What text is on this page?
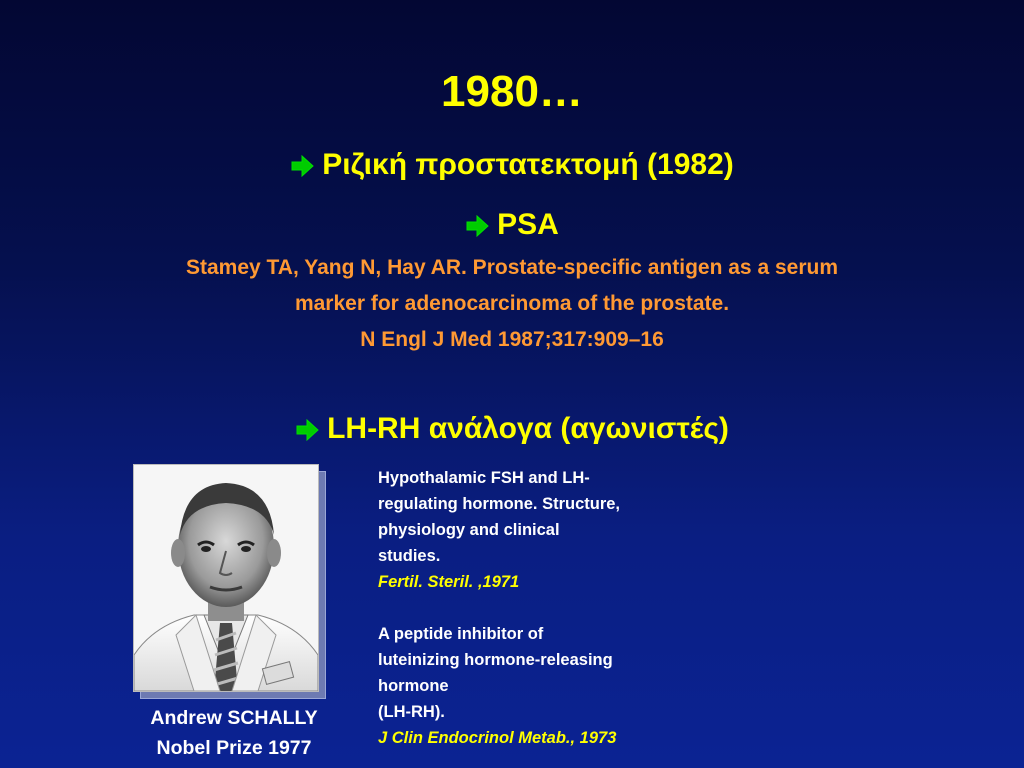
1980…
Ριζική προστατεκτομή (1982)
PSA
Stamey TA, Yang N, Hay AR. Prostate-specific antigen as a serum
marker for adenocarcinoma of the prostate.
N Engl J Med 1987;317:909–16
LH-RH ανάλογα (αγωνιστές)
Andrew SCHALLY
Nobel Prize 1977
Hypothalamic FSH and LH-
regulating hormone. Structure,
physiology and clinical
studies.
Fertil. Steril. ,1971
A peptide inhibitor of
luteinizing hormone-releasing
hormone
(LH-RH).
J Clin Endocrinol Metab., 1973
